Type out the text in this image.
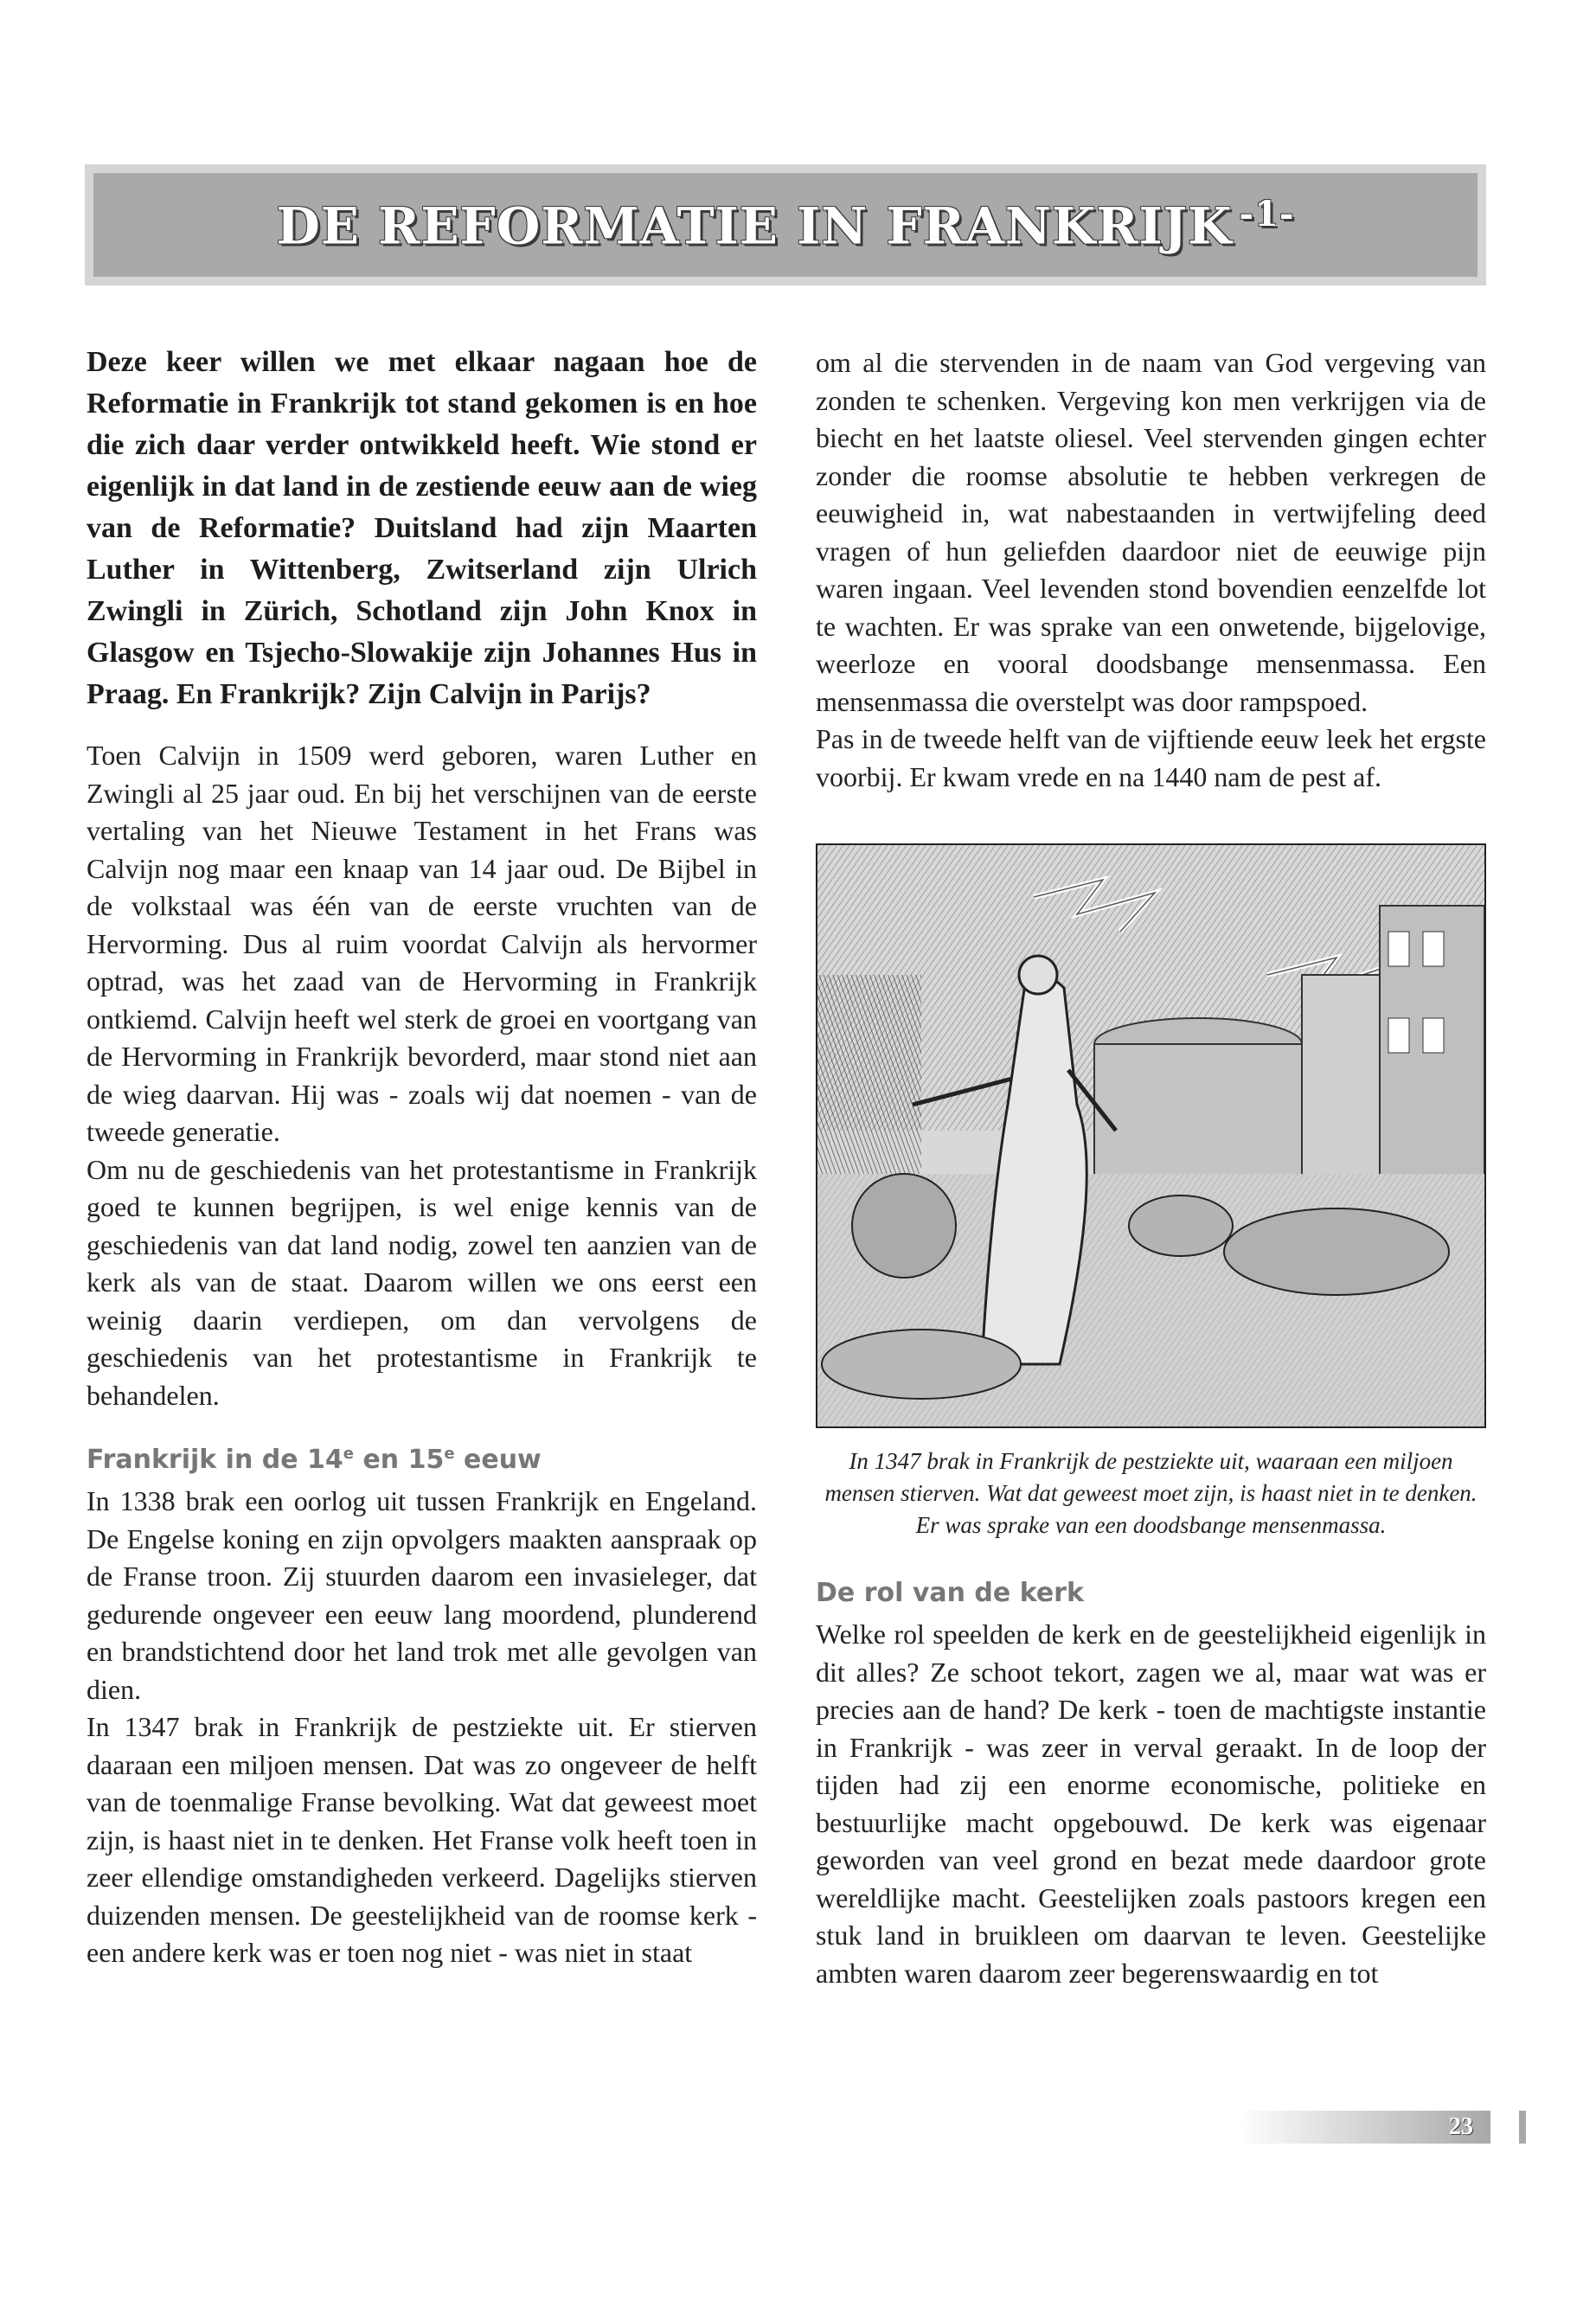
DE REFORMATIE IN FRANKRIJK $^{-1-}$

Deze keer willen we met elkaar nagaan hoe de Reformatie in Frankrijk tot stand gekomen is en hoe die zich daar verder ontwikkeld heeft. Wie stond er eigenlijk in dat land in de zestiende eeuw aan de wieg van de Reformatie? Duitsland had zijn Maarten Luther in Wittenberg, Zwitserland zijn Ulrich Zwingli in Zürich, Schotland zijn John Knox in Glasgow en Tsjecho-Slowakije zijn Johannes Hus in Praag. En Frankrijk? Zijn Calvijn in Parijs?

Toen Calvijn in 1509 werd geboren, waren Luther en Zwingli al 25 jaar oud. En bij het verschijnen van de eerste vertaling van het Nieuwe Testament in het Frans was Calvijn nog maar een knaap van 14 jaar oud. De Bijbel in de volkstaal was één van de eerste vruchten van de Hervorming. Dus al ruim voordat Calvijn als hervormer optrad, was het zaad van de Hervorming in Frankrijk ontkiemd. Calvijn heeft wel sterk de groei en voortgang van de Hervorming in Frankrijk bevorderd, maar stond niet aan de wieg daarvan. Hij was - zoals wij dat noemen - van de tweede generatie.

Om nu de geschiedenis van het protestantisme in Frankrijk goed te kunnen begrijpen, is wel enige kennis van de geschiedenis van dat land nodig, zowel ten aanzien van de kerk als van de staat. Daarom willen we ons eerst een weinig daarin verdiepen, om dan vervolgens de geschiedenis van het protestantisme in Frankrijk te behandelen.

Frankrijk in de 14e en 15e eeuw

In 1338 brak een oorlog uit tussen Frankrijk en Engeland. De Engelse koning en zijn opvolgers maakten aanspraak op de Franse troon. Zij stuurden daarom een invasieleger, dat gedurende ongeveer een eeuw lang moordend, plunderend en brandstichtend door het land trok met alle gevolgen van dien.

In 1347 brak in Frankrijk de pestziekte uit. Er stierven daaraan een miljoen mensen. Dat was zo ongeveer de helft van de toenmalige Franse bevolking. Wat dat geweest moet zijn, is haast niet in te denken. Het Franse volk heeft toen in zeer ellendige omstandigheden verkeerd. Dagelijks stierven duizenden mensen. De geestelijkheid van de roomse kerk - een andere kerk was er toen nog niet - was niet in staat

om al die stervenden in de naam van God vergeving van zonden te schenken. Vergeving kon men verkrijgen via de biecht en het laatste oliesel. Veel stervenden gingen echter zonder die roomse absolutie te hebben verkregen de eeuwigheid in, wat nabestaanden in vertwijfeling deed vragen of hun geliefden daardoor niet de eeuwige pijn waren ingaan. Veel levenden stond bovendien eenzelfde lot te wachten. Er was sprake van een onwetende, bijgelovige, weerloze en vooral doodsbange mensenmassa. Een mensenmassa die overstelpt was door rampspoed.

Pas in de tweede helft van de vijftiende eeuw leek het ergste voorbij. Er kwam vrede en na 1440 nam de pest af.

In 1347 brak in Frankrijk de pestziekte uit, waaraan een miljoen mensen stierven. Wat dat geweest moet zijn, is haast niet in te denken. Er was sprake van een doodsbange mensenmassa.

De rol van de kerk

Welke rol speelden de kerk en de geestelijkheid eigenlijk in dit alles? Ze schoot tekort, zagen we al, maar wat was er precies aan de hand? De kerk - toen de machtigste instantie in Frankrijk - was zeer in verval geraakt. In de loop der tijden had zij een enorme economische, politieke en bestuurlijke macht opgebouwd. De kerk was eigenaar geworden van veel grond en bezat mede daardoor grote wereldlijke macht. Geestelijken zoals pastoors kregen een stuk land in bruikleen om daarvan te leven. Geestelijke ambten waren daarom zeer begerenswaardig en tot

23
